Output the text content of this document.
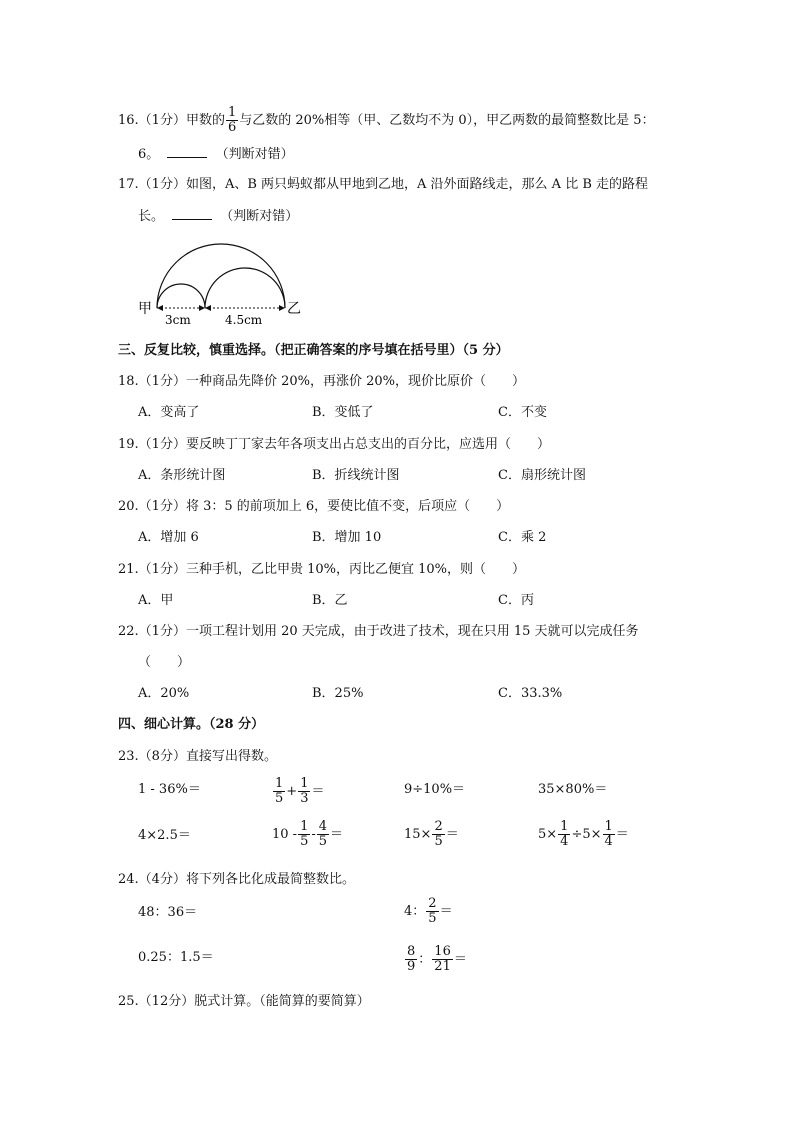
16.（1分）甲数的 $\frac{1}{6}$ 与乙数的 20%相等（甲、乙数均不为 0），甲乙两数的最简整数比是 5：
6。	（判断对错）
17.（1分）如图，A、B 两只蚂蚁都从甲地到乙地，A 沿外面路线走，那么 A 比 B 走的路程
长。	（判断对错）
甲	乙
3cm	4.5cm
三、反复比较，慎重选择。（把正确答案的序号填在括号里）（5 分）
18.（1分）一种商品先降价 20%，再涨价 20%，现价比原价（　　）
A．变高了	B．变低了	C．不变
19.（1分）要反映丁丁家去年各项支出占总支出的百分比，应选用（　　）
A．条形统计图	B．折线统计图	C．扇形统计图
20.（1分）将 3：5 的前项加上 6，要使比值不变，后项应（　　）
A．增加 6	B．增加 10	C．乘 2
21.（1分）三种手机，乙比甲贵 10%，丙比乙便宜 10%，则（　　）
A．甲	B．乙	C．丙
22.（1分）一项工程计划用 20 天完成，由于改进了技术，现在只用 15 天就可以完成任务
（　　）
A．20%	B．25%	C．33.3%
四、细心计算。（28 分）
23.（8分）直接写出得数。
1 - 36%＝	$\frac{1}{5} + \frac{1}{3}$ ＝	9÷10%＝	35×80%＝
4×2.5＝	$10 - \frac{1}{5} - \frac{4}{5}$ ＝	$15\times \frac{2}{5}$ ＝	$5\times \frac{1}{4} \div 5\times \frac{1}{4}$ ＝
24.（4分）将下列各比化成最简整数比。
48：36＝	4： $\frac{2}{5}$ ＝
0.25：1.5＝	$\frac{8}{9}$ ： $\frac{16}{21}$ ＝
25.（12分）脱式计算。（能简算的要简算）
